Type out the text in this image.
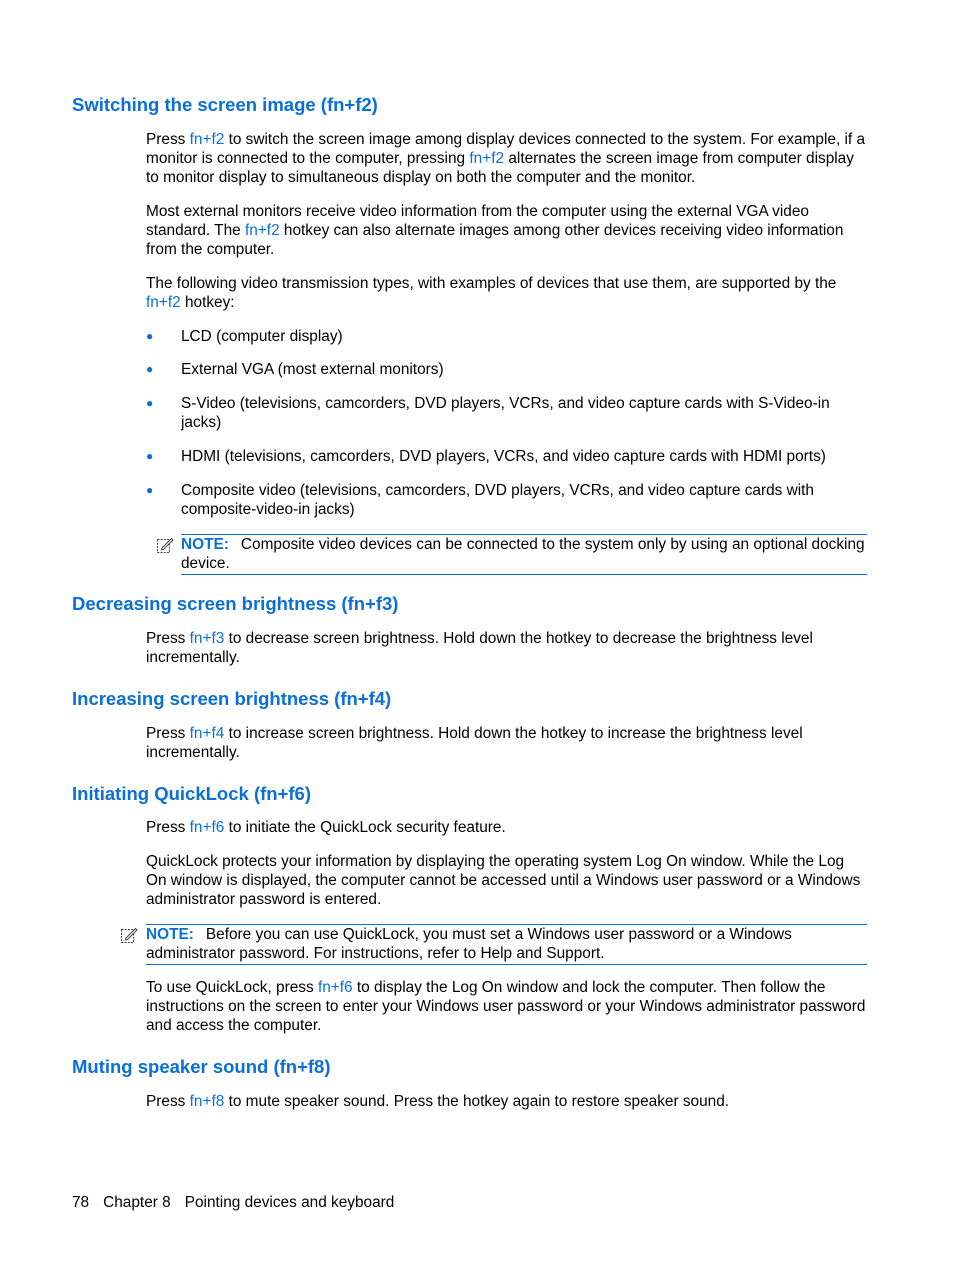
Switching the screen image (fn+f2)

Press fn+f2 to switch the screen image among display devices connected to the system. For example, if a monitor is connected to the computer, pressing fn+f2 alternates the screen image from computer display to monitor display to simultaneous display on both the computer and the monitor.

Most external monitors receive video information from the computer using the external VGA video standard. The fn+f2 hotkey can also alternate images among other devices receiving video information from the computer.

The following video transmission types, with examples of devices that use them, are supported by the fn+f2 hotkey:

● LCD (computer display)

● External VGA (most external monitors)

● S-Video (televisions, camcorders, DVD players, VCRs, and video capture cards with S-Video-in jacks)

● HDMI (televisions, camcorders, DVD players, VCRs, and video capture cards with HDMI ports)

● Composite video (televisions, camcorders, DVD players, VCRs, and video capture cards with composite-video-in jacks)

NOTE: Composite video devices can be connected to the system only by using an optional docking device.

Decreasing screen brightness (fn+f3)

Press fn+f3 to decrease screen brightness. Hold down the hotkey to decrease the brightness level incrementally.

Increasing screen brightness (fn+f4)

Press fn+f4 to increase screen brightness. Hold down the hotkey to increase the brightness level incrementally.

Initiating QuickLock (fn+f6)

Press fn+f6 to initiate the QuickLock security feature.

QuickLock protects your information by displaying the operating system Log On window. While the Log On window is displayed, the computer cannot be accessed until a Windows user password or a Windows administrator password is entered.

NOTE: Before you can use QuickLock, you must set a Windows user password or a Windows administrator password. For instructions, refer to Help and Support.

To use QuickLock, press fn+f6 to display the Log On window and lock the computer. Then follow the instructions on the screen to enter your Windows user password or your Windows administrator password and access the computer.

Muting speaker sound (fn+f8)

Press fn+f8 to mute speaker sound. Press the hotkey again to restore speaker sound.

78 Chapter 8 Pointing devices and keyboard
